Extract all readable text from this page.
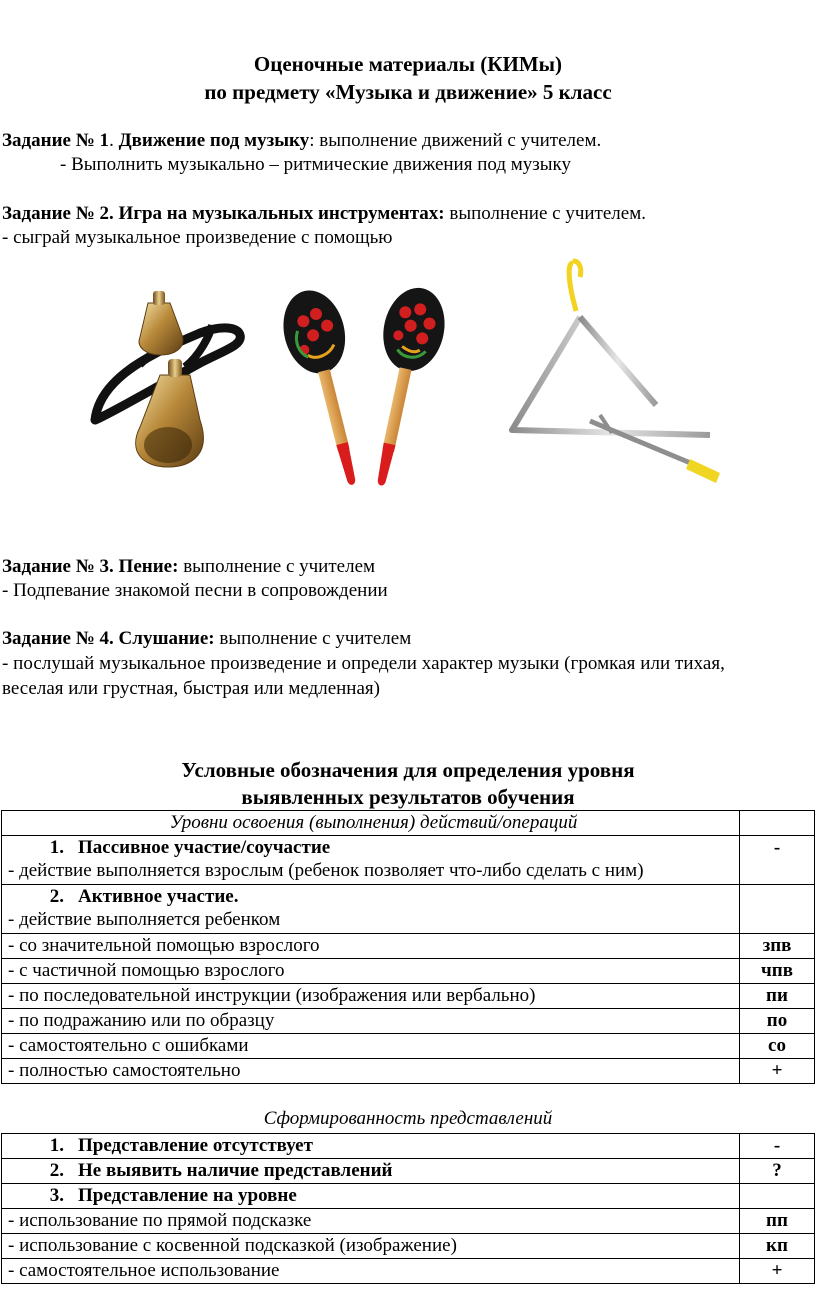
Оценочные материалы (КИМы)
по предмету «Музыка и движение» 5 класс
Задание № 1. Движение под музыку: выполнение движений с учителем.
- Выполнить музыкально – ритмические движения под музыку
Задание № 2. Игра на музыкальных инструментах: выполнение с учителем.
- сыграй музыкальное произведение с помощью
Задание № 3. Пение: выполнение с учителем
- Подпевание знакомой песни в сопровождении
Задание № 4. Слушание: выполнение с учителем
- послушай музыкальное произведение и определи характер музыки (громкая или тихая,
веселая или грустная, быстрая или медленная)
Условные обозначения для определения уровня
выявленных результатов обучения
Уровни освоения (выполнения) действий/операций	

1. Пассивное участие/соучастие
- действие выполняется взрослым (ребенок позволяет что-либо сделать с ним)	-

2. Активное участие.
- действие выполняется ребенком	

- со значительной помощью взрослого	зпв
- с частичной помощью взрослого	чпв
- по последовательной инструкции (изображения или вербально)	пи
- по подражанию или по образцу	по
- самостоятельно с ошибками	со
- полностью самостоятельно	+
Сформированность представлений
1. Представление отсутствует	-
2. Не выявить наличие представлений	?
3. Представление на уровне	
- использование по прямой подсказке	пп
- использование с косвенной подсказкой (изображение)	кп
- самостоятельное использование	+
